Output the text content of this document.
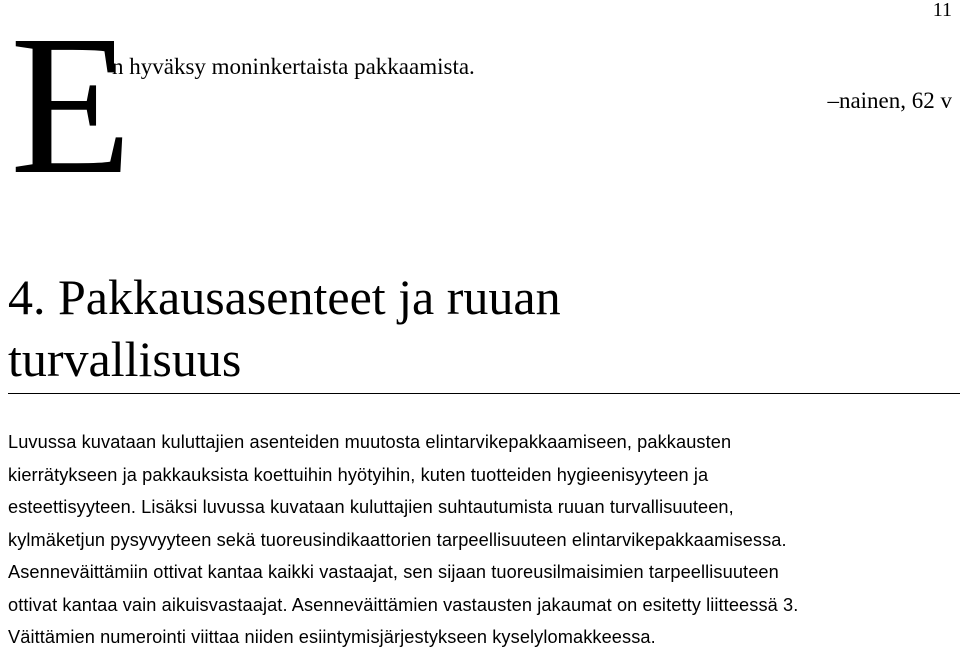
11
E
n hyväksy moninkertaista pakkaamista.
–nainen, 62 v
4. Pakkausasenteet ja ruuan
turvallisuus

Luvussa kuvataan kuluttajien asenteiden muutosta elintarvikepakkaamiseen, pakkausten
kierrätykseen ja pakkauksista koettuihin hyötyihin, kuten tuotteiden hygieenisyyteen ja
esteettisyyteen. Lisäksi luvussa kuvataan kuluttajien suhtautumista ruuan turvallisuuteen,
kylmäketjun pysyvyyteen sekä tuoreusindikaattorien tarpeellisuuteen elintarvikepakkaamisessa.
Asenneväittämiin ottivat kantaa kaikki vastaajat, sen sijaan tuoreusilmaisimien tarpeellisuuteen
ottivat kantaa vain aikuisvastaajat. Asenneväittämien vastausten jakaumat on esitetty liitteessä 3.
Väittämien numerointi viittaa niiden esiintymisjärjestykseen kyselylomakkeessa.
